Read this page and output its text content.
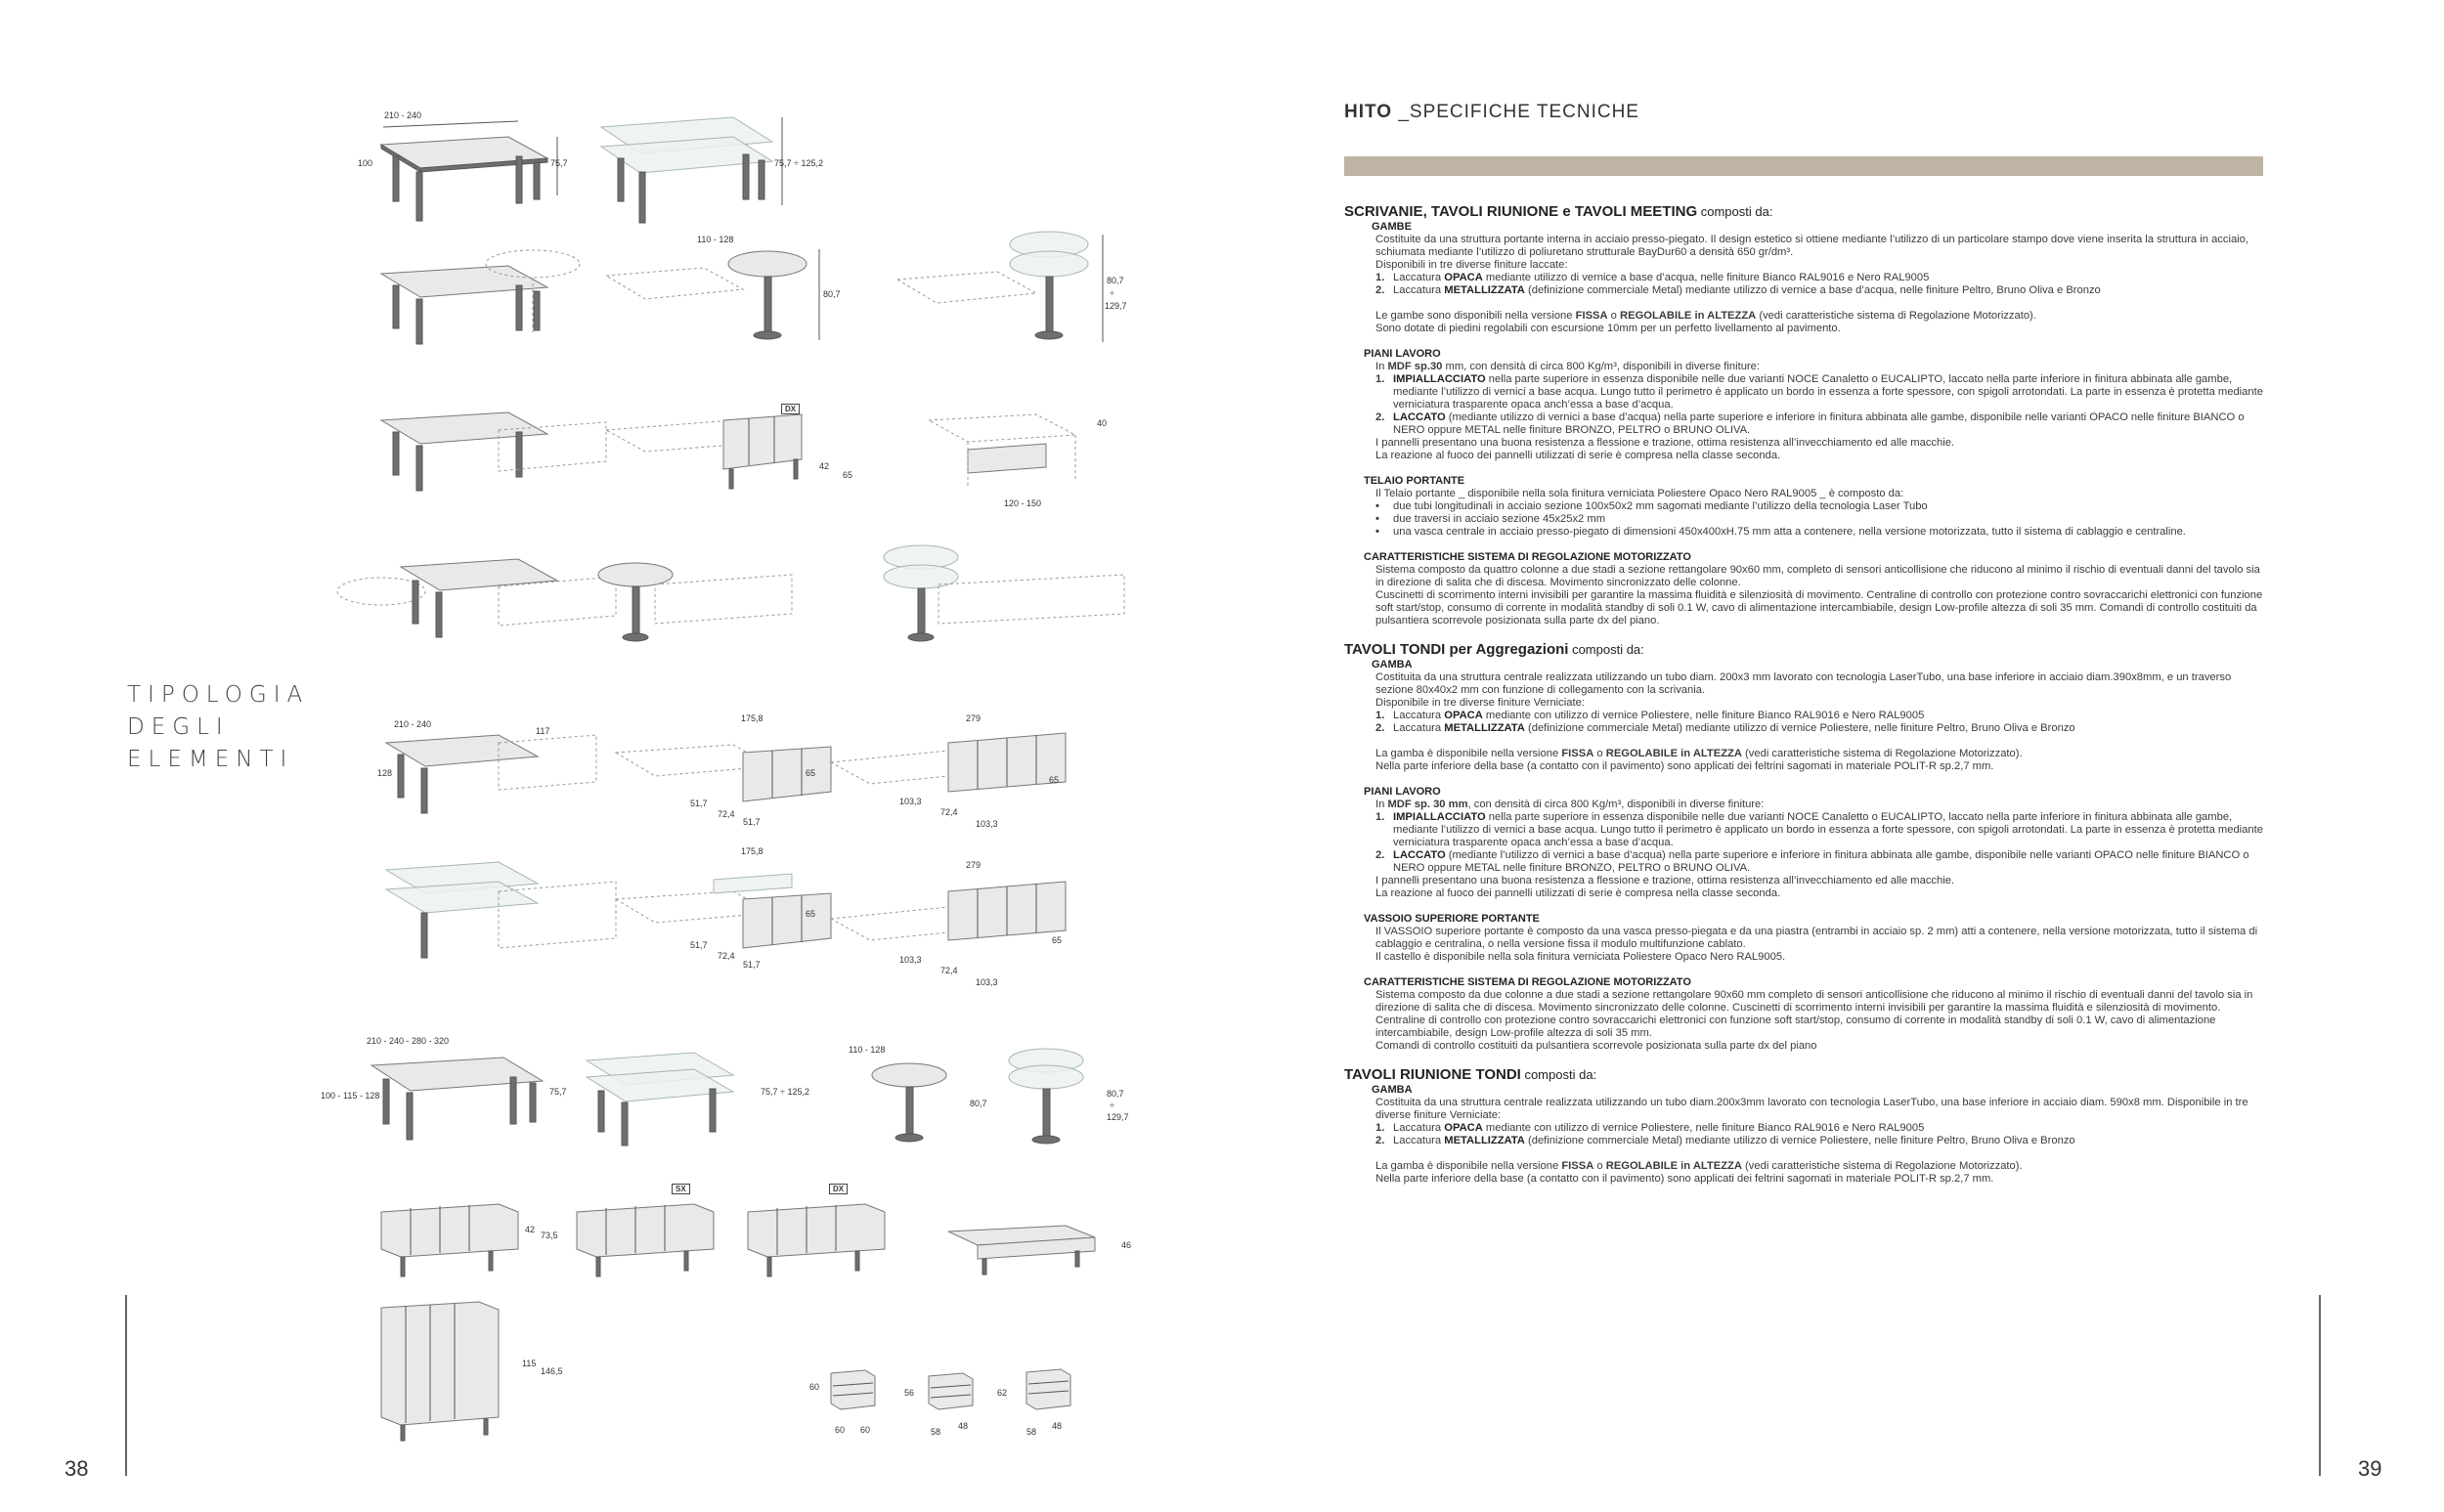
TIPOLOGIA
DEGLI
ELEMENTI
38
210 - 240
100	75,7	75,7 ÷ 125,2
110 - 128
80,7
80,7
÷
129,7
42
65
40
120 - 150
210 - 240
117
128
175,8
65
51,7
72,4
51,7
279
65
103,3
72,4
103,3
175,8
65
51,7
72,4
51,7
279
65
103,3
72,4
103,3
210 - 240 - 280 - 320
100 - 115 - 128	75,7	75,7 ÷ 125,2
110 - 128
80,7
80,7
÷
129,7
42
73,5
46
115
146,5
60
60 60
56
58
48
62
58
48
DX
SX	DX
HITO _SPECIFICHE TECNICHE
SCRIVANIE, TAVOLI RIUNIONE e TAVOLI MEETING composti da:
GAMBE
Costituite da una struttura portante interna in acciaio presso-piegato. Il design estetico si ottiene mediante l’utilizzo di un particolare stampo dove viene inserita la struttura in acciaio, schiumata mediante l’utilizzo di poliuretano strutturale BayDur60 a densità 650 gr/dm³.
Disponibili in tre diverse finiture laccate:
1. Laccatura OPACA mediante utilizzo di vernice a base d’acqua, nelle finiture Bianco RAL9016 e Nero RAL9005
2. Laccatura METALLIZZATA (definizione commerciale Metal) mediante utilizzo di vernice a base d’acqua, nelle finiture Peltro, Bruno Oliva e Bronzo
Le gambe sono disponibili nella versione FISSA o REGOLABILE in ALTEZZA (vedi caratteristiche sistema di Regolazione Motorizzato).
Sono dotate di piedini regolabili con escursione 10mm per un perfetto livellamento al pavimento.
PIANI LAVORO
In MDF sp.30 mm, con densità di circa 800 Kg/m³, disponibili in diverse finiture:
1. IMPIALLACCIATO nella parte superiore in essenza disponibile nelle due varianti NOCE Canaletto o EUCALIPTO, laccato nella parte inferiore in finitura abbinata alle gambe, mediante l’utilizzo di vernici a base acqua. Lungo tutto il perimetro è applicato un bordo in essenza a forte spessore, con spigoli arrotondati. La parte in essenza è protetta mediante verniciatura trasparente opaca anch’essa a base d’acqua.
2. LACCATO (mediante utilizzo di vernici a base d’acqua) nella parte superiore e inferiore in finitura abbinata alle gambe, disponibile nelle varianti OPACO nelle finiture BIANCO o NERO oppure METAL nelle finiture BRONZO, PELTRO o BRUNO OLIVA.
I pannelli presentano una buona resistenza a flessione e trazione, ottima resistenza all’invecchiamento ed alle macchie.
La reazione al fuoco dei pannelli utilizzati di serie è compresa nella classe seconda.
TELAIO PORTANTE
Il Telaio portante _ disponibile nella sola finitura verniciata Poliestere Opaco Nero RAL9005 _ è composto da:
• due tubi longitudinali in acciaio sezione 100x50x2 mm sagomati mediante l’utilizzo della tecnologia Laser Tubo
• due traversi in acciaio sezione 45x25x2 mm
• una vasca centrale in acciaio presso-piegato di dimensioni 450x400xH.75 mm atta a contenere, nella versione motorizzata, tutto il sistema di cablaggio e centraline.
CARATTERISTICHE SISTEMA DI REGOLAZIONE MOTORIZZATO
Sistema composto da quattro colonne a due stadi a sezione rettangolare 90x60 mm, completo di sensori anticollisione che riducono al minimo il rischio di eventuali danni del tavolo sia in direzione di salita che di discesa. Movimento sincronizzato delle colonne.
Cuscinetti di scorrimento interni invisibili per garantire la massima fluidità e silenziosità di movimento. Centraline di controllo con protezione contro sovraccarichi elettronici con funzione soft start/stop, consumo di corrente in modalità standby di soli 0.1 W, cavo di alimentazione intercambiabile, design Low-profile altezza di soli 35 mm. Comandi di controllo costituiti da pulsantiera scorrevole posizionata sulla parte dx del piano.
TAVOLI TONDI per Aggregazioni composti da:
GAMBA
Costituita da una struttura centrale realizzata utilizzando un tubo diam. 200x3 mm lavorato con tecnologia LaserTubo, una base inferiore in acciaio diam.390x8mm, e un traverso sezione 80x40x2 mm con funzione di collegamento con la scrivania.
Disponibile in tre diverse finiture Verniciate:
1. Laccatura OPACA mediante con utilizzo di vernice Poliestere, nelle finiture Bianco RAL9016 e Nero RAL9005
2. Laccatura METALLIZZATA (definizione commerciale Metal) mediante utilizzo di vernice Poliestere, nelle finiture Peltro, Bruno Oliva e Bronzo
La gamba è disponibile nella versione FISSA o REGOLABILE in ALTEZZA (vedi caratteristiche sistema di Regolazione Motorizzato).
Nella parte inferiore della base (a contatto con il pavimento) sono applicati dei feltrini sagomati in materiale POLIT-R sp.2,7 mm.
PIANI LAVORO
In MDF sp. 30 mm, con densità di circa 800 Kg/m³, disponibili in diverse finiture:
1. IMPIALLACCIATO nella parte superiore in essenza disponibile nelle due varianti NOCE Canaletto o EUCALIPTO, laccato nella parte inferiore in finitura abbinata alle gambe, mediante l’utilizzo di vernici a base acqua. Lungo tutto il perimetro è applicato un bordo in essenza a forte spessore, con spigoli arrotondati. La parte in essenza è protetta mediante verniciatura trasparente opaca anch’essa a base d’acqua.
2. LACCATO (mediante l’utilizzo di vernici a base d’acqua) nella parte superiore e inferiore in finitura abbinata alle gambe, disponibile nelle varianti OPACO nelle finiture BIANCO o NERO oppure METAL nelle finiture BRONZO, PELTRO o BRUNO OLIVA.
I pannelli presentano una buona resistenza a flessione e trazione, ottima resistenza all’invecchiamento ed alle macchie.
La reazione al fuoco dei pannelli utilizzati di serie è compresa nella classe seconda.
VASSOIO SUPERIORE PORTANTE
Il VASSOIO superiore portante è composto da una vasca presso-piegata e da una piastra (entrambi in acciaio sp. 2 mm) atti a contenere, nella versione motorizzata, tutto il sistema di cablaggio e centralina, o nella versione fissa il modulo multifunzione cablato.
Il castello è disponibile nella sola finitura verniciata Poliestere Opaco Nero RAL9005.
CARATTERISTICHE SISTEMA DI REGOLAZIONE MOTORIZZATO
Sistema composto da due colonne a due stadi a sezione rettangolare 90x60 mm completo di sensori anticollisione che riducono al minimo il rischio di eventuali danni del tavolo sia in direzione di salita che di discesa. Movimento sincronizzato delle colonne. Cuscinetti di scorrimento interni invisibili per garantire la massima fluidità e silenziosità di movimento. Centraline di controllo con protezione contro sovraccarichi elettronici con funzione soft start/stop, consumo di corrente in modalità standby di soli 0.1 W, cavo di alimentazione intercambiabile, design Low-profile altezza di soli 35 mm.
Comandi di controllo costituiti da pulsantiera scorrevole posizionata sulla parte dx del piano
TAVOLI RIUNIONE TONDI composti da:
GAMBA
Costituita da una struttura centrale realizzata utilizzando un tubo diam.200x3mm lavorato con tecnologia LaserTubo, una base inferiore in acciaio diam. 590x8 mm. Disponibile in tre diverse finiture Verniciate:
1. Laccatura OPACA mediante con utilizzo di vernice Poliestere, nelle finiture Bianco RAL9016 e Nero RAL9005
2. Laccatura METALLIZZATA (definizione commerciale Metal) mediante utilizzo di vernice Poliestere, nelle finiture Peltro, Bruno Oliva e Bronzo
La gamba è disponibile nella versione FISSA o REGOLABILE in ALTEZZA (vedi caratteristiche sistema di Regolazione Motorizzato).
Nella parte inferiore della base (a contatto con il pavimento) sono applicati dei feltrini sagomati in materiale POLIT-R sp.2,7 mm.
39
